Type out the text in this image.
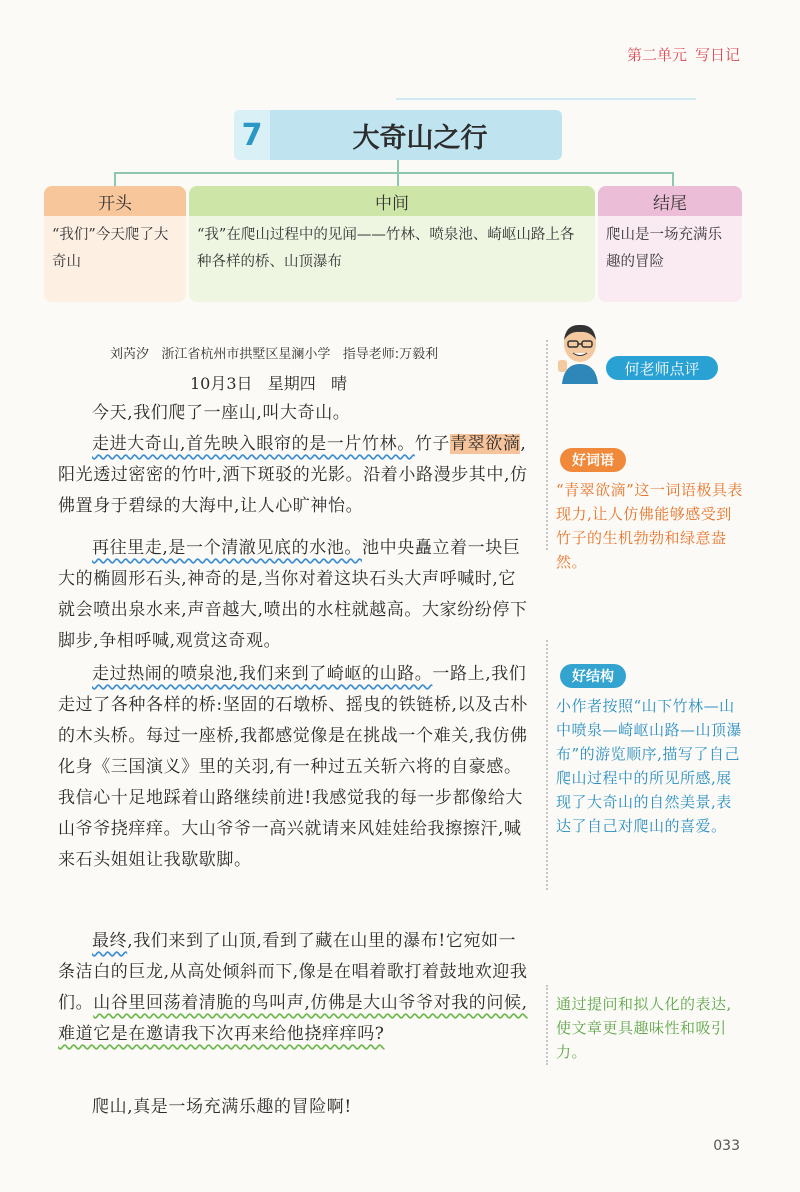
第二单元 写日记
7	大奇山之行
开头
“我们”今天爬了大奇山
中间
“我”在爬山过程中的见闻——竹林、喷泉池、崎岖山路上各种各样的桥、山顶瀑布
结尾
爬山是一场充满乐趣的冒险
刘芮汐   浙江省杭州市拱墅区星澜小学   指导老师:万毅利
10月3日   星期四   晴
今天,我们爬了一座山,叫大奇山。
走进大奇山,首先映入眼帘的是一片竹林。竹子青翠欲滴,阳光透过密密的竹叶,洒下斑驳的光影。沿着小路漫步其中,仿佛置身于碧绿的大海中,让人心旷神怡。
再往里走,是一个清澈见底的水池。池中央矗立着一块巨大的椭圆形石头,神奇的是,当你对着这块石头大声呼喊时,它就会喷出泉水来,声音越大,喷出的水柱就越高。大家纷纷停下脚步,争相呼喊,观赏这奇观。
走过热闹的喷泉池,我们来到了崎岖的山路。一路上,我们走过了各种各样的桥:坚固的石墩桥、摇曳的铁链桥,以及古朴的木头桥。每过一座桥,我都感觉像是在挑战一个难关,我仿佛化身《三国演义》里的关羽,有一种过五关斩六将的自豪感。我信心十足地踩着山路继续前进!我感觉我的每一步都像给大山爷爷挠痒痒。大山爷爷一高兴就请来风娃娃给我擦擦汗,喊来石头姐姐让我歇歇脚。
最终,我们来到了山顶,看到了藏在山里的瀑布!它宛如一条洁白的巨龙,从高处倾斜而下,像是在唱着歌打着鼓地欢迎我们。山谷里回荡着清脆的鸟叫声,仿佛是大山爷爷对我的问候,难道它是在邀请我下次再来给他挠痒痒吗?
爬山,真是一场充满乐趣的冒险啊!
何老师点评
好词语
“青翠欲滴”这一词语极具表现力,让人仿佛能够感受到竹子的生机勃勃和绿意盎然。
好结构
小作者按照“山下竹林—山中喷泉—崎岖山路—山顶瀑布”的游览顺序,描写了自己爬山过程中的所见所感,展现了大奇山的自然美景,表达了自己对爬山的喜爱。
通过提问和拟人化的表达,使文章更具趣味性和吸引力。
033
